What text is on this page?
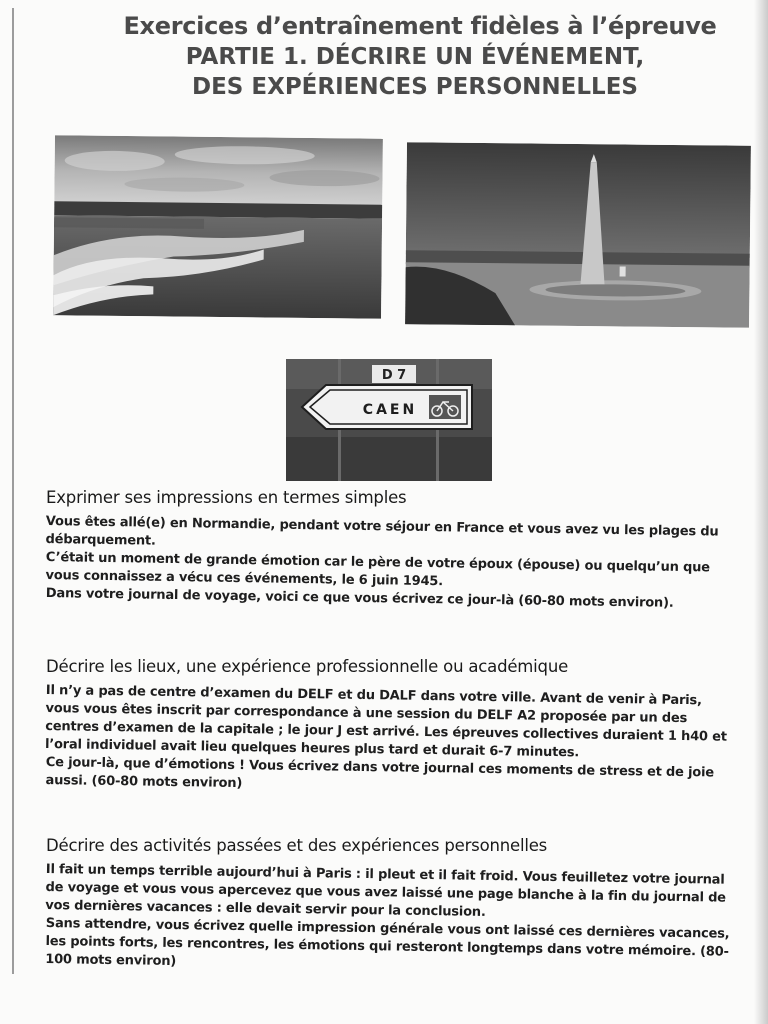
Exercices d’entraînement fidèles à l’épreuve
PARTIE 1. DÉCRIRE UN ÉVÉNEMENT,
DES EXPÉRIENCES PERSONNELLES
D 7
CAEN
Exprimer ses impressions en termes simples

Vous êtes allé(e) en Normandie, pendant votre séjour en France et vous avez vu les plages du débarquement.

C’était un moment de grande émotion car le père de votre époux (épouse) ou quelqu’un que vous connaissez a vécu ces événements, le 6 juin 1945.

Dans votre journal de voyage, voici ce que vous écrivez ce jour-là (60-80 mots environ).

Décrire les lieux, une expérience professionnelle ou académique

Il n’y a pas de centre d’examen du DELF et du DALF dans votre ville. Avant de venir à Paris, vous vous êtes inscrit par correspondance à une session du DELF A2 proposée par un des centres d’examen de la capitale ; le jour J est arrivé. Les épreuves collectives duraient 1 h40 et l’oral individuel avait lieu quelques heures plus tard et durait 6-7 minutes.

Ce jour-là, que d’émotions ! Vous écrivez dans votre journal ces moments de stress et de joie aussi. (60-80 mots environ)

Décrire des activités passées et des expériences personnelles

Il fait un temps terrible aujourd’hui à Paris : il pleut et il fait froid. Vous feuilletez votre journal de voyage et vous vous apercevez que vous avez laissé une page blanche à la fin du journal de vos dernières vacances : elle devait servir pour la conclusion.

Sans attendre, vous écrivez quelle impression générale vous ont laissé ces dernières vacances, les points forts, les rencontres, les émotions qui resteront longtemps dans votre mémoire. (80-100 mots environ)
